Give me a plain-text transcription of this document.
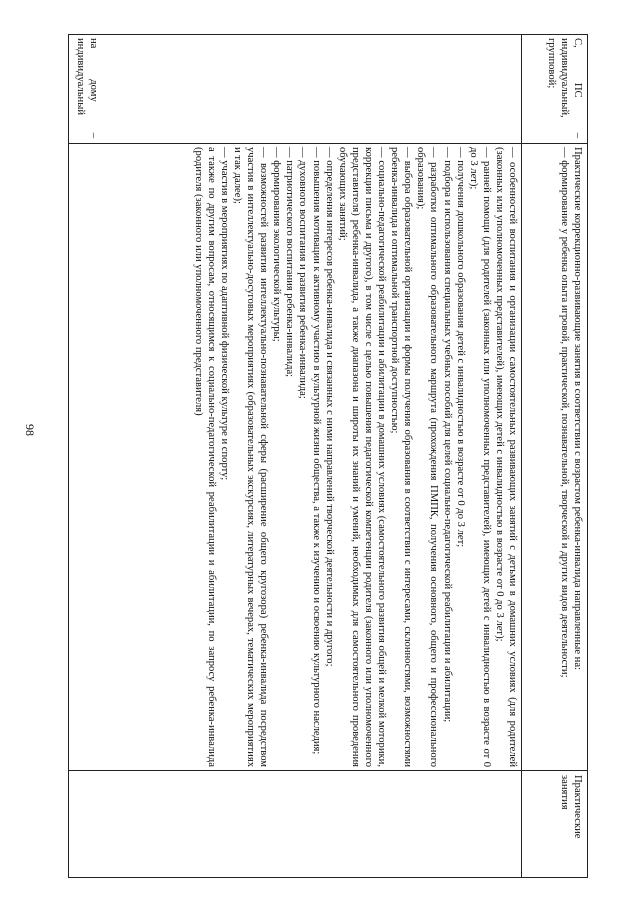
98	— особенностей воспитания и организации самостоятельных развивающих занятий с детьми в домашних условиях (для родителей (законных или уполномоченных представителей), имеющих детей с инвалидностью в возрасте от 0 до 3 лет);

— ранней помощи (для родителей (законных или уполномоченных представителей), имеющих детей с инвалидностью в возрасте от 0 до 3 лет);

— получения дошкольного образования детей с инвалидностью в возрасте от 0 до 3 лет;

— подбора и использования специальных учебных пособий для целей социально-педагогической реабилитации и абилитации;

— разработки оптимального образовательного маршрута (прохождения ПМПК, получения основного, общего и профессионального образования);

— выбора образовательной организации и формы получения образования в соответствии с интересами, склонностями, возможностями ребенка-инвалида и оптимальной транспортной доступностью;

— социально-педагогической реабилитации и абилитации в домашних условиях (самостоятельного развития общей и мелкой моторики, коррекции письма и другого), в том числе с целью повышения педагогической компетенции родителя (законного или уполномоченного представителя) ребенка-инвалида, а также диапазона и широты их знаний и умений, необходимых для самостоятельного проведения обучающих занятий;

— определения интересов ребенка-инвалида и связанных с ними направлений творческой деятельности и другого;

— повышения мотивации к активному участию в культурной жизни общества, а также к изучению и освоению культурного наследия;

— духовного воспитания и развития ребенка-инвалида;

— патриотического воспитания ребенка-инвалида;

— формирования экологической культуры;

— возможностей развития интеллектуально-познавательной сферы (расширение общего кругозора) ребенка-инвалида посредством участия в интеллектуально-досуговых мероприятиях (образовательных экскурсиях, литературных вечерах, тематических мероприятиях и так далее);

— участия в мероприятиях по адаптивной физической культуре и спорту;

а также по другим вопросам, относящимся к социально-педагогической реабилитации и абилитации, по запросу ребенка-инвалида (родителя (законного или уполномоченного представителя)

на дому – индивидуальный
Практические занятия

Практические коррекционно-развивающие занятия в соответствии с возрастом ребенка-инвалида направленные на:

— формирование у ребенка опыта игровой, практической, познавательной, творческой и других видов деятельности;

С, ПС – индивидуальный, групповой;
